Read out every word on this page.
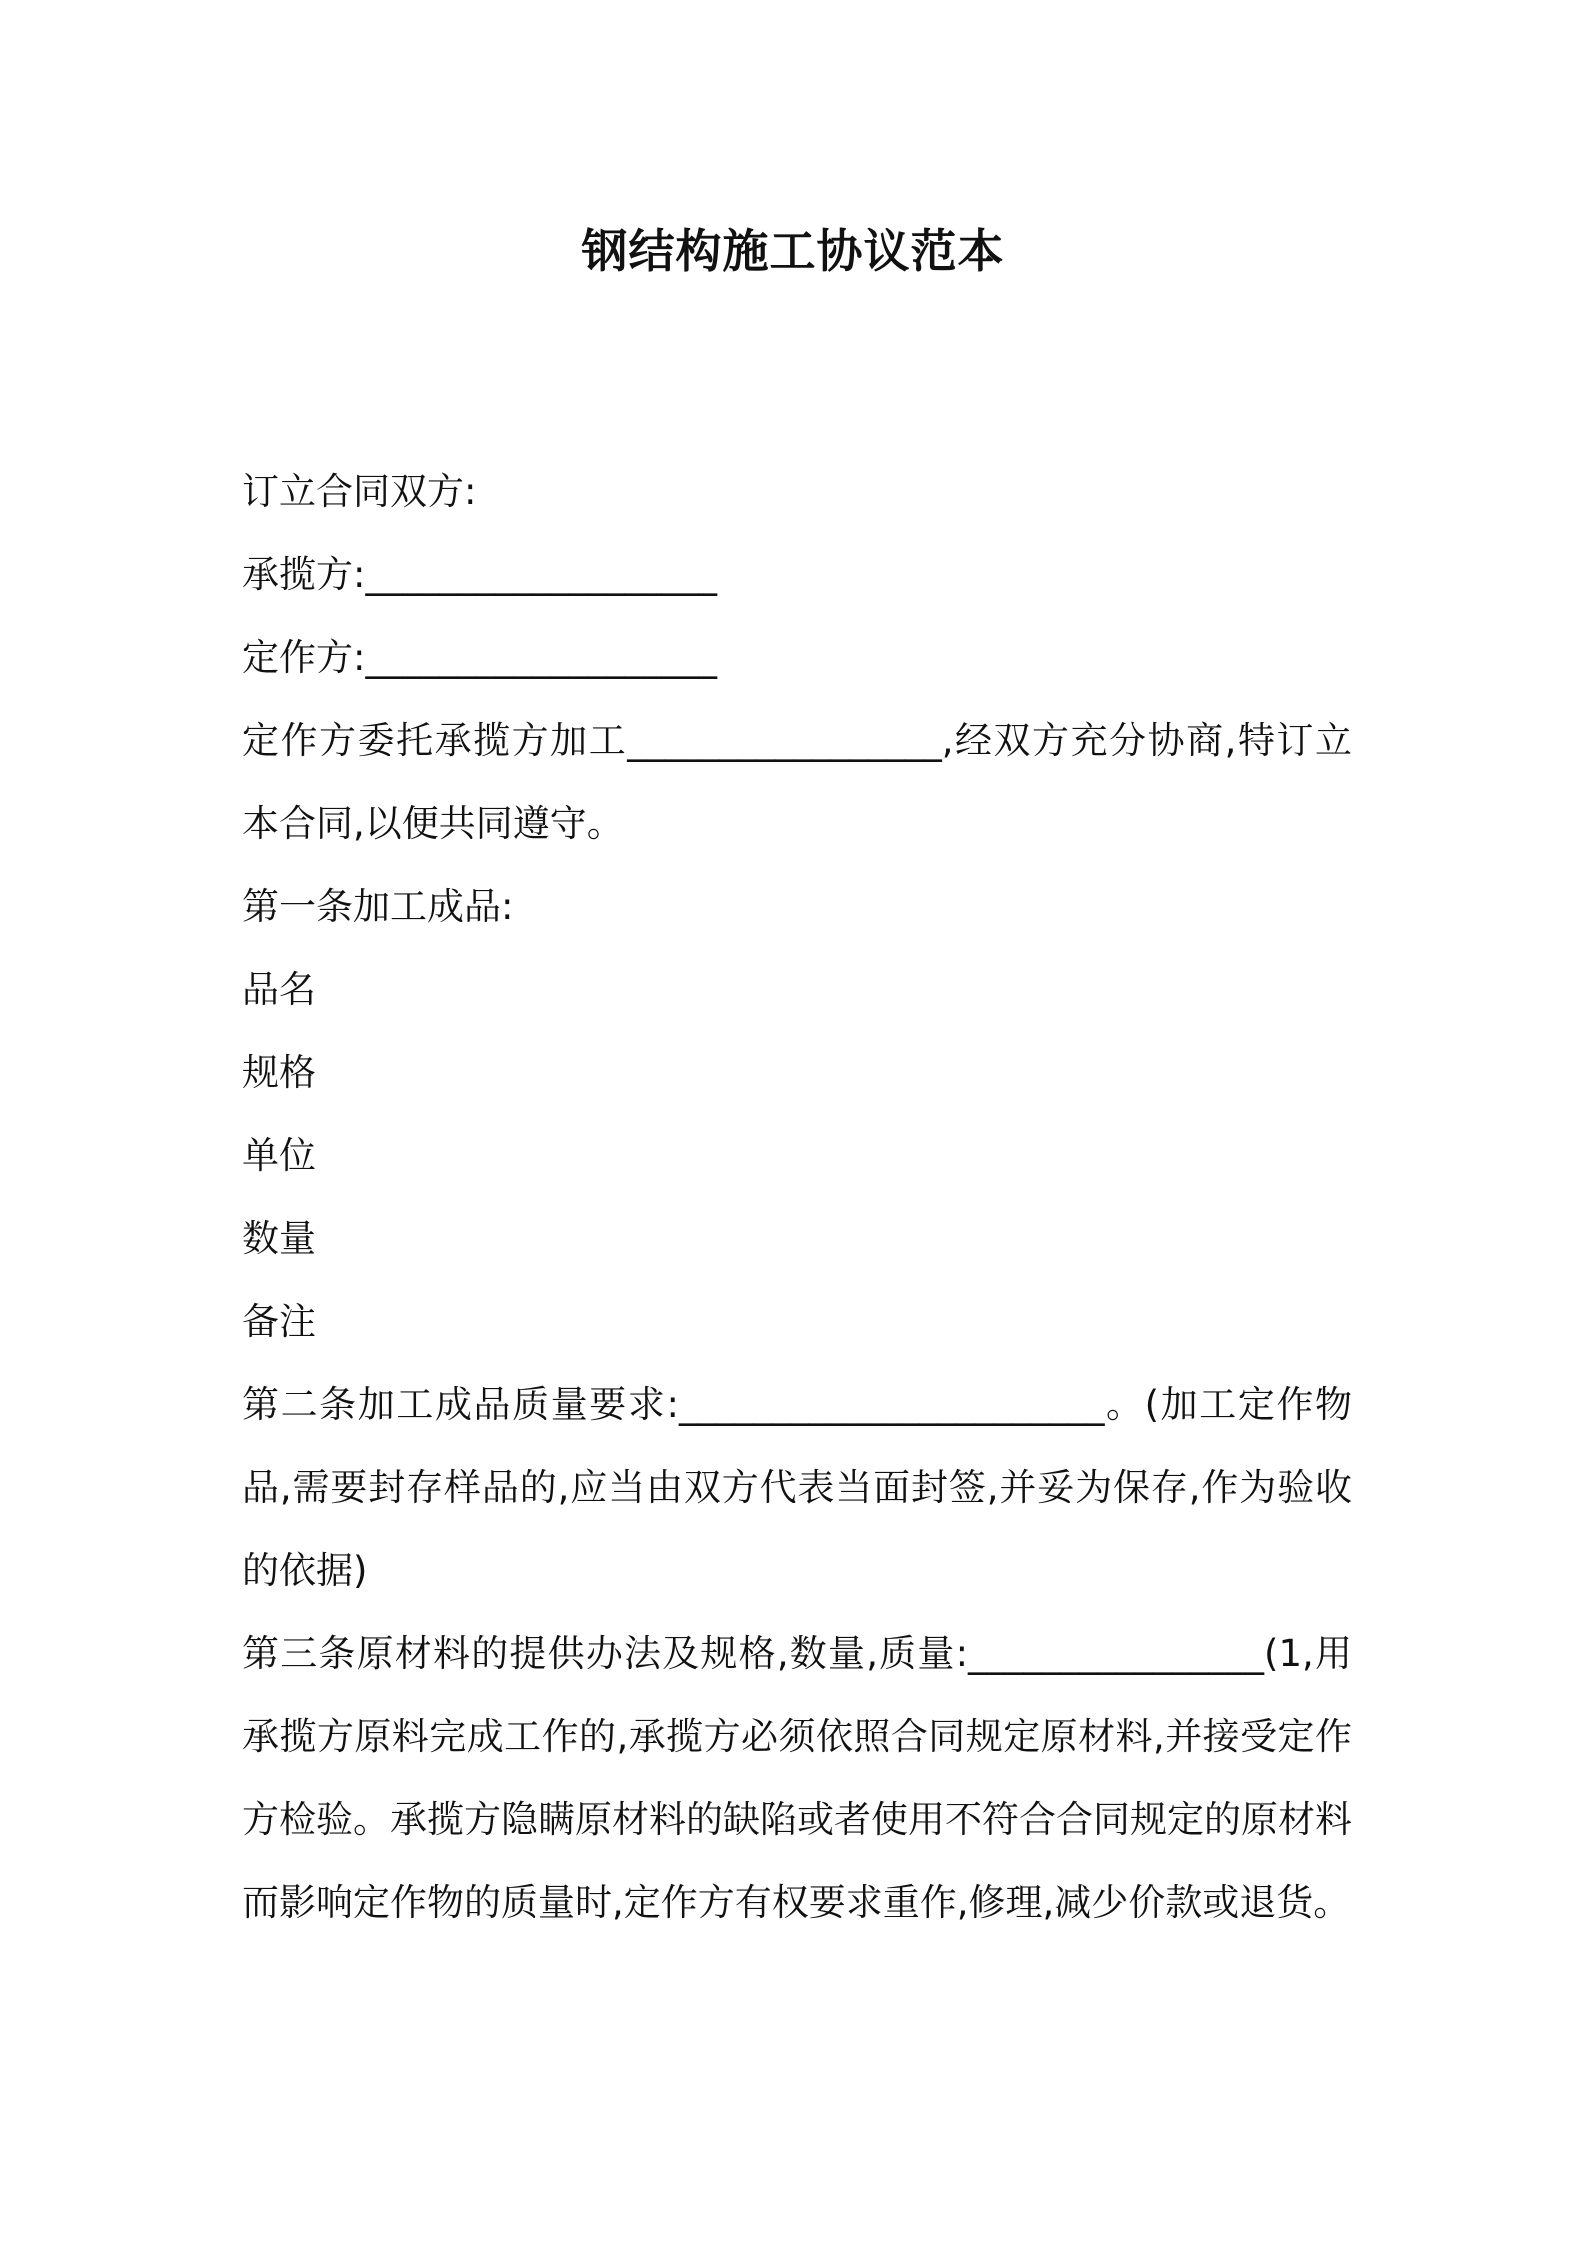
钢结构施工协议范本

订立合同双方:

承揽方:___________________

定作方:___________________

定作方委托承揽方加工_________________,经双方充分协商,特订立本合同,以便共同遵守。

第一条加工成品:

品名

规格

单位

数量

备注

第二条加工成品质量要求:_______________________。(加工定作物品,需要封存样品的,应当由双方代表当面封签,并妥为保存,作为验收的依据)

第三条原材料的提供办法及规格,数量,质量:________________(1,用承揽方原料完成工作的,承揽方必须依照合同规定原材料,并接受定作方检验。承揽方隐瞒原材料的缺陷或者使用不符合合同规定的原材料而影响定作物的质量时,定作方有权要求重作,修理,减少价款或退货。
